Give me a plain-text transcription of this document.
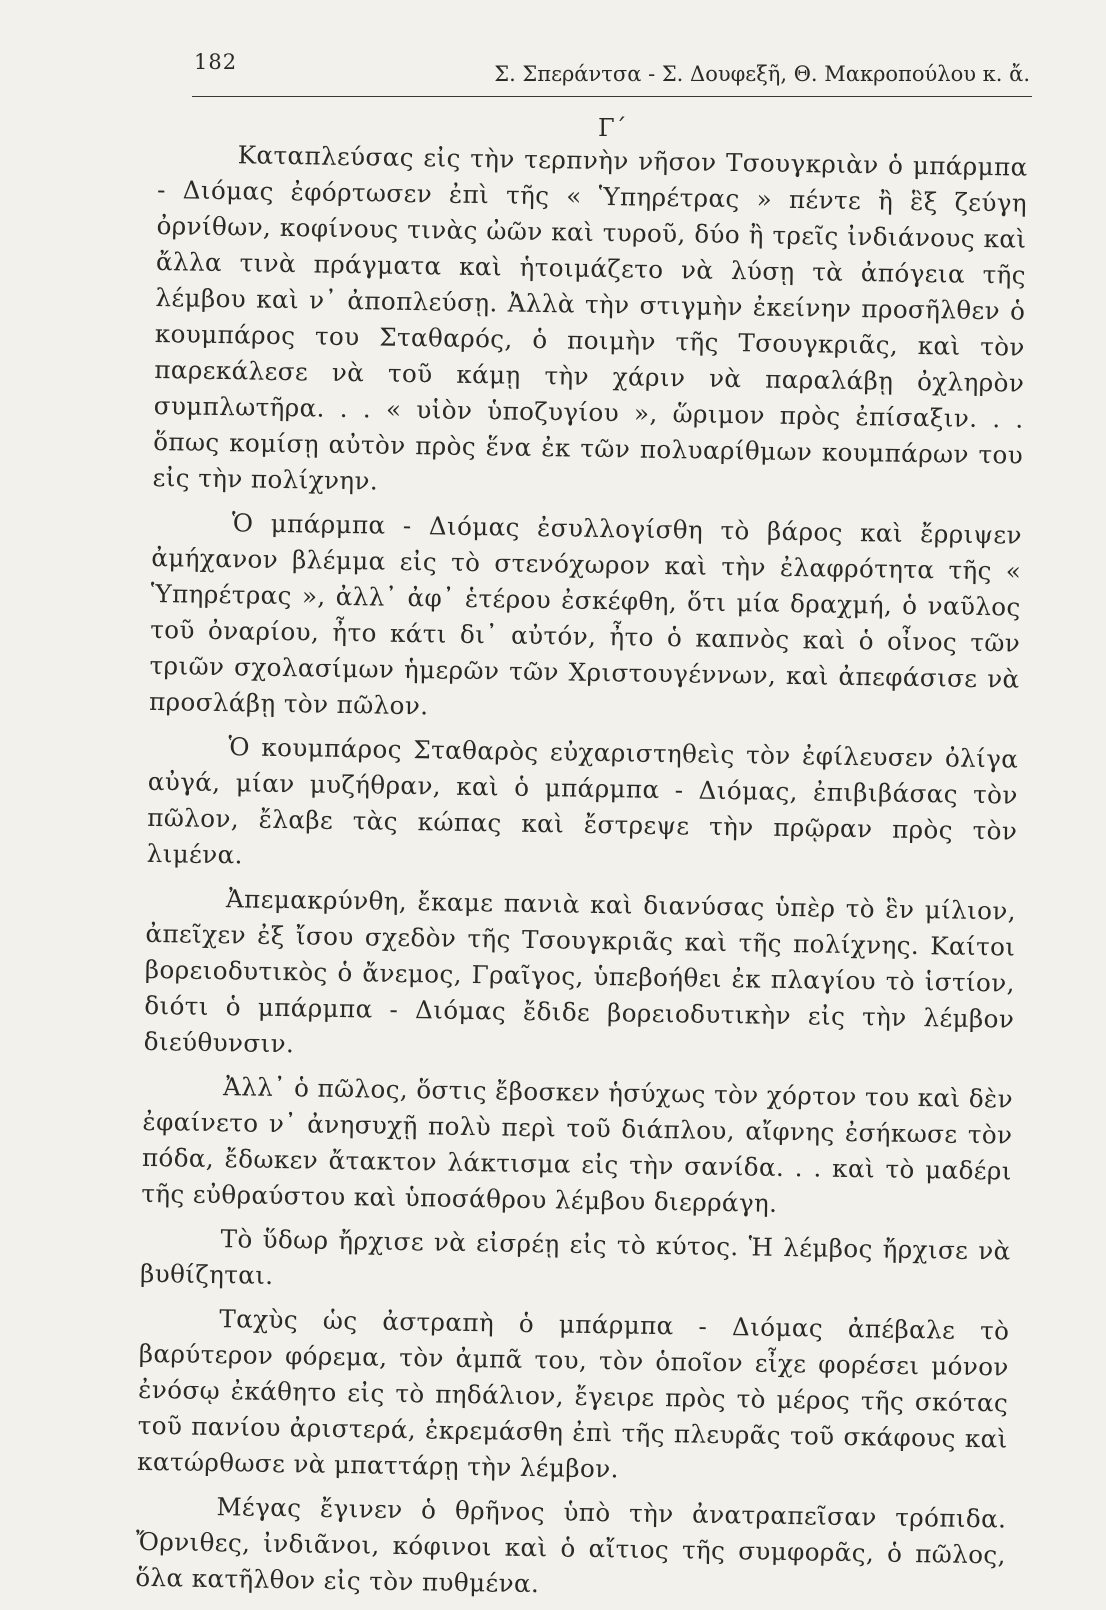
182	Σ. Σπεράντσα - Σ. Δουφεξῆ, Θ. Μακροπούλου κ. ἄ.
Γ΄

Καταπλεύσας εἰς τὴν τερπνὴν νῆσον Τσουγκριὰν ὁ μπάρμπα - Διόμας ἐφόρτωσεν ἐπὶ τῆς « Ὑπηρέτρας » πέντε ἢ ἓξ ζεύγη ὀρνίθων, κοφίνους τινὰς ὠῶν καὶ τυροῦ, δύο ἢ τρεῖς ἰνδιάνους καὶ ἄλλα τινὰ πράγματα καὶ ἡτοιμάζετο νὰ λύσῃ τὰ ἀπόγεια τῆς λέμβου καὶ ν᾿ ἀποπλεύσῃ. Ἀλλὰ τὴν στιγμὴν ἐκείνην προσῆλθεν ὁ κουμπάρος του Σταθαρός, ὁ ποιμὴν τῆς Τσουγκριᾶς, καὶ τὸν παρεκάλεσε νὰ τοῦ κάμῃ τὴν χάριν νὰ παραλάβῃ ὀχληρὸν συμπλωτῆρα. . . « υἱὸν ὑποζυγίου », ὥριμον πρὸς ἐπίσαξιν. . . ὅπως κομίσῃ αὐτὸν πρὸς ἕνα ἐκ τῶν πολυαρίθμων κουμπάρων του εἰς τὴν πολίχνην.

Ὁ μπάρμπα - Διόμας ἐσυλλογίσθη τὸ βάρος καὶ ἔρριψεν ἀμήχανον βλέμμα εἰς τὸ στενόχωρον καὶ τὴν ἐλαφρότητα τῆς « Ὑπηρέτρας », ἀλλ᾿ ἀφ᾿ ἑτέρου ἐσκέφθη, ὅτι μία δραχμή, ὁ ναῦλος τοῦ ὀναρίου, ἦτο κάτι δι᾿ αὐτόν, ἦτο ὁ καπνὸς καὶ ὁ οἶνος τῶν τριῶν σχολασίμων ἡμερῶν τῶν Χριστουγέννων, καὶ ἀπεφάσισε νὰ προσλάβῃ τὸν πῶλον.

Ὁ κουμπάρος Σταθαρὸς εὐχαριστηθεὶς τὸν ἐφίλευσεν ὀλίγα αὐγά, μίαν μυζήθραν, καὶ ὁ μπάρμπα - Διόμας, ἐπιβιβάσας τὸν πῶλον, ἔλαβε τὰς κώπας καὶ ἔστρεψε τὴν πρῷραν πρὸς τὸν λιμένα.

Ἀπεμακρύνθη, ἔκαμε πανιὰ καὶ διανύσας ὑπὲρ τὸ ἓν μίλιον, ἀπεῖχεν ἐξ ἴσου σχεδὸν τῆς Τσουγκριᾶς καὶ τῆς πολίχνης. Καίτοι βορειοδυτικὸς ὁ ἄνεμος, Γραῖγος, ὑπεβοήθει ἐκ πλαγίου τὸ ἱστίον, διότι ὁ μπάρμπα - Διόμας ἔδιδε βορειοδυτικὴν εἰς τὴν λέμβον διεύθυνσιν.

Ἀλλ᾿ ὁ πῶλος, ὅστις ἔβοσκεν ἡσύχως τὸν χόρτον του καὶ δὲν ἐφαίνετο ν᾿ ἀνησυχῇ πολὺ περὶ τοῦ διάπλου, αἴφνης ἐσήκωσε τὸν πόδα, ἔδωκεν ἄτακτον λάκτισμα εἰς τὴν σανίδα. . . καὶ τὸ μαδέρι τῆς εὐθραύστου καὶ ὑποσάθρου λέμβου διερράγη.

Τὸ ὕδωρ ἤρχισε νὰ εἰσρέῃ εἰς τὸ κύτος. Ἡ λέμβος ἤρχισε νὰ βυθίζηται.

Ταχὺς ὡς ἀστραπὴ ὁ μπάρμπα - Διόμας ἀπέβαλε τὸ βαρύτερον φόρεμα, τὸν ἀμπᾶ του, τὸν ὁποῖον εἶχε φορέσει μόνον ἐνόσῳ ἐκάθητο εἰς τὸ πηδάλιον, ἔγειρε πρὸς τὸ μέρος τῆς σκότας τοῦ πανίου ἀριστερά, ἐκρεμάσθη ἐπὶ τῆς πλευρᾶς τοῦ σκάφους καὶ κατώρθωσε νὰ μπαττάρῃ τὴν λέμβον.

Μέγας ἔγινεν ὁ θρῆνος ὑπὸ τὴν ἀνατραπεῖσαν τρόπιδα. Ὄρνιθες, ἰνδιᾶνοι, κόφινοι καὶ ὁ αἴτιος τῆς συμφορᾶς, ὁ πῶλος, ὅλα κατῆλθον εἰς τὸν πυθμένα.
